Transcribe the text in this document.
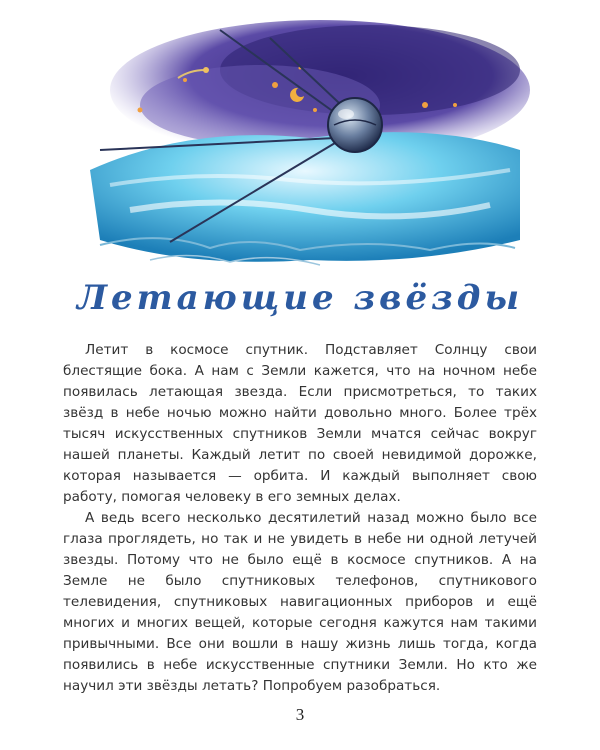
Летающие звёзды

Летит в космосе спутник. Подставляет Солнцу свои блестящие бока. А нам с Земли кажется, что на ночном небе появилась летающая звезда. Если присмотреться, то таких звёзд в небе ночью можно найти довольно много. Более трёх тысяч искусственных спутников Земли мчатся сейчас вокруг нашей планеты. Каждый летит по своей невидимой дорожке, которая называется — орбита. И каждый выполняет свою работу, помогая человеку в его земных делах.

А ведь всего несколько десятилетий назад можно было все глаза проглядеть, но так и не увидеть в небе ни одной летучей звезды. Потому что не было ещё в космосе спутников. А на Земле не было спутниковых телефонов, спутникового телевидения, спутниковых навигационных приборов и ещё многих и многих вещей, которые сегодня кажутся нам такими привычными. Все они вошли в нашу жизнь лишь тогда, когда появились в небе искусственные спутники Земли. Но кто же научил эти звёзды летать? Попробуем разобраться.

3
